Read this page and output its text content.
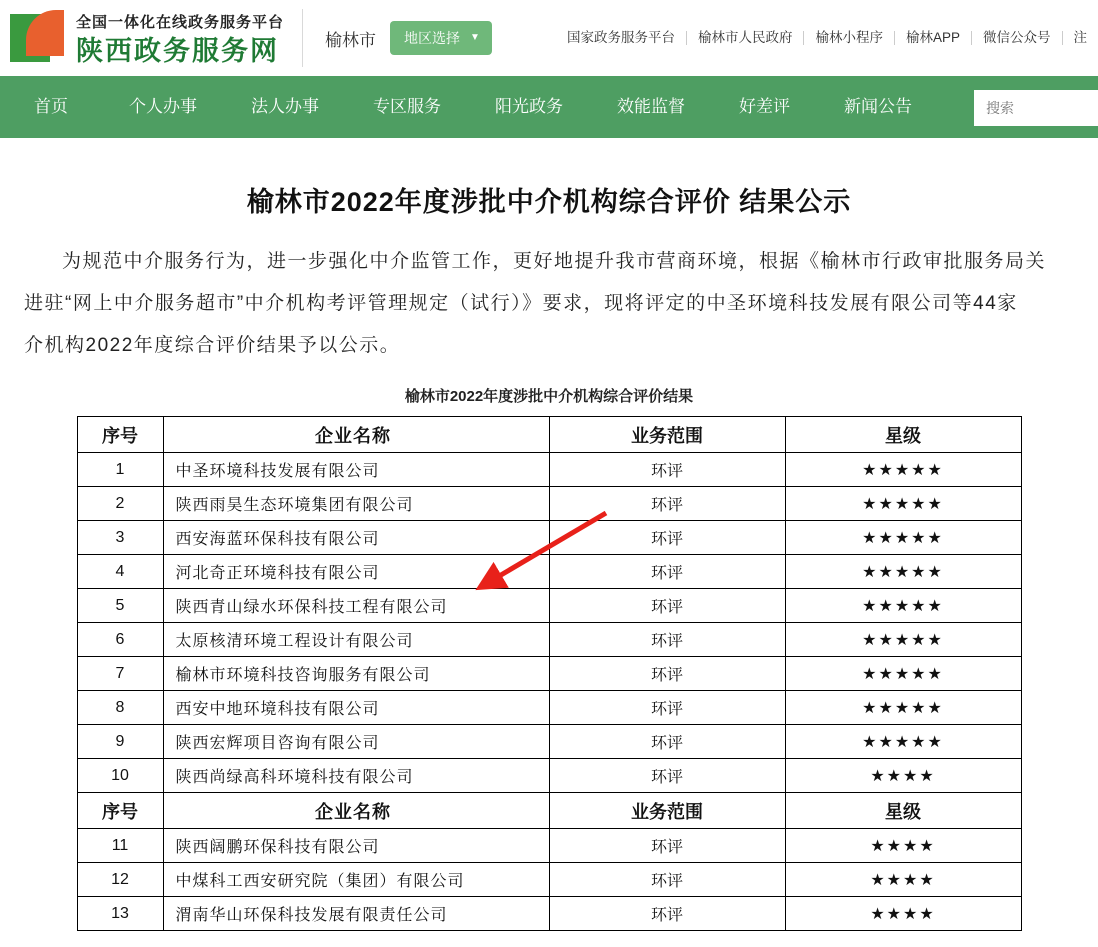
全国一体化在线政务服务平台
陕西政务服务网	榆林市 地区选择 ▼	国家政务服务平台	榆林市人民政府	榆林小程序	榆林APP	微信公众号	注
首页	个人办事	法人办事	专区服务	阳光政务	效能监督	好差评	新闻公告
搜索
榆林市2022年度涉批中介机构综合评价 结果公示
为规范中介服务行为，进一步强化中介监管工作，更好地提升我市营商环境，根据《榆林市行政审批服务局关
进驻“网上中介服务超市”中介机构考评管理规定（试行）》要求，现将评定的中圣环境科技发展有限公司等44家
介机构2022年度综合评价结果予以公示。
榆林市2022年度涉批中介机构综合评价结果
序号	企业名称	业务范围	星级
1	中圣环境科技发展有限公司	环评	★★★★★
2	陕西雨昊生态环境集团有限公司	环评	★★★★★
3	西安海蓝环保科技有限公司	环评	★★★★★
4	河北奇正环境科技有限公司	环评	★★★★★
5	陕西青山绿水环保科技工程有限公司	环评	★★★★★
6	太原核清环境工程设计有限公司	环评	★★★★★
7	榆林市环境科技咨询服务有限公司	环评	★★★★★
8	西安中地环境科技有限公司	环评	★★★★★
9	陕西宏辉项目咨询有限公司	环评	★★★★★
10	陕西尚绿高科环境科技有限公司	环评	★★★★
序号	企业名称	业务范围	星级
11	陕西阔鹏环保科技有限公司	环评	★★★★
12	中煤科工西安研究院（集团）有限公司	环评	★★★★
13	渭南华山环保科技发展有限责任公司	环评	★★★★
